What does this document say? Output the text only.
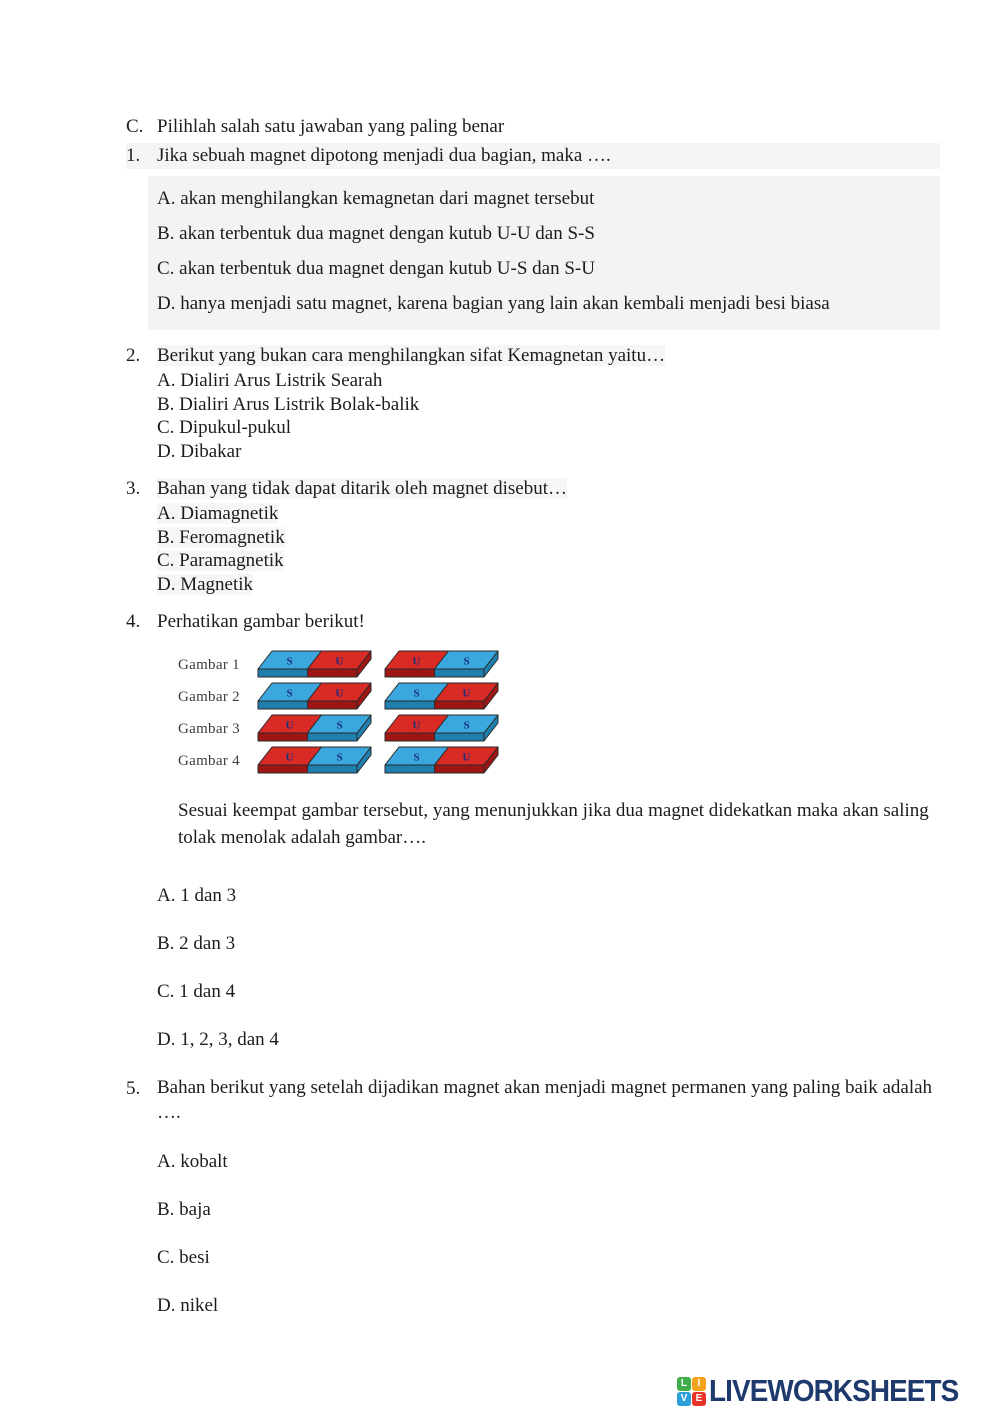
C. Pilihlah salah satu jawaban yang paling benar
1. Jika sebuah magnet dipotong menjadi dua bagian, maka ….
A. akan menghilangkan kemagnetan dari magnet tersebut
B. akan terbentuk dua magnet dengan kutub U-U dan S-S
C. akan terbentuk dua magnet dengan kutub U-S dan S-U
D. hanya menjadi satu magnet, karena bagian yang lain akan kembali menjadi besi biasa
2. Berikut yang bukan cara menghilangkan sifat Kemagnetan yaitu…
A. Dialiri Arus Listrik Searah
B. Dialiri Arus Listrik Bolak-balik
C. Dipukul-pukul
D. Dibakar
3. Bahan yang tidak dapat ditarik oleh magnet disebut…
A. Diamagnetik
B. Feromagnetik
C. Paramagnetik
D. Magnetik
4. Perhatikan gambar berikut!
Gambar 1	S	U	U	S
Gambar 2	S	U	S	U
Gambar 3	U	S	U	S
Gambar 4	U	S	S	U
Sesuai keempat gambar tersebut, yang menunjukkan jika dua magnet didekatkan maka akan saling tolak menolak adalah gambar….
A. 1 dan 3
B. 2 dan 3
C. 1 dan 4
D. 1, 2, 3, dan 4
5. Bahan berikut yang setelah dijadikan magnet akan menjadi magnet permanen yang paling baik adalah ….
A. kobalt
B. baja
C. besi
D. nikel
L	I
V E LIVEWORKSHEETS
